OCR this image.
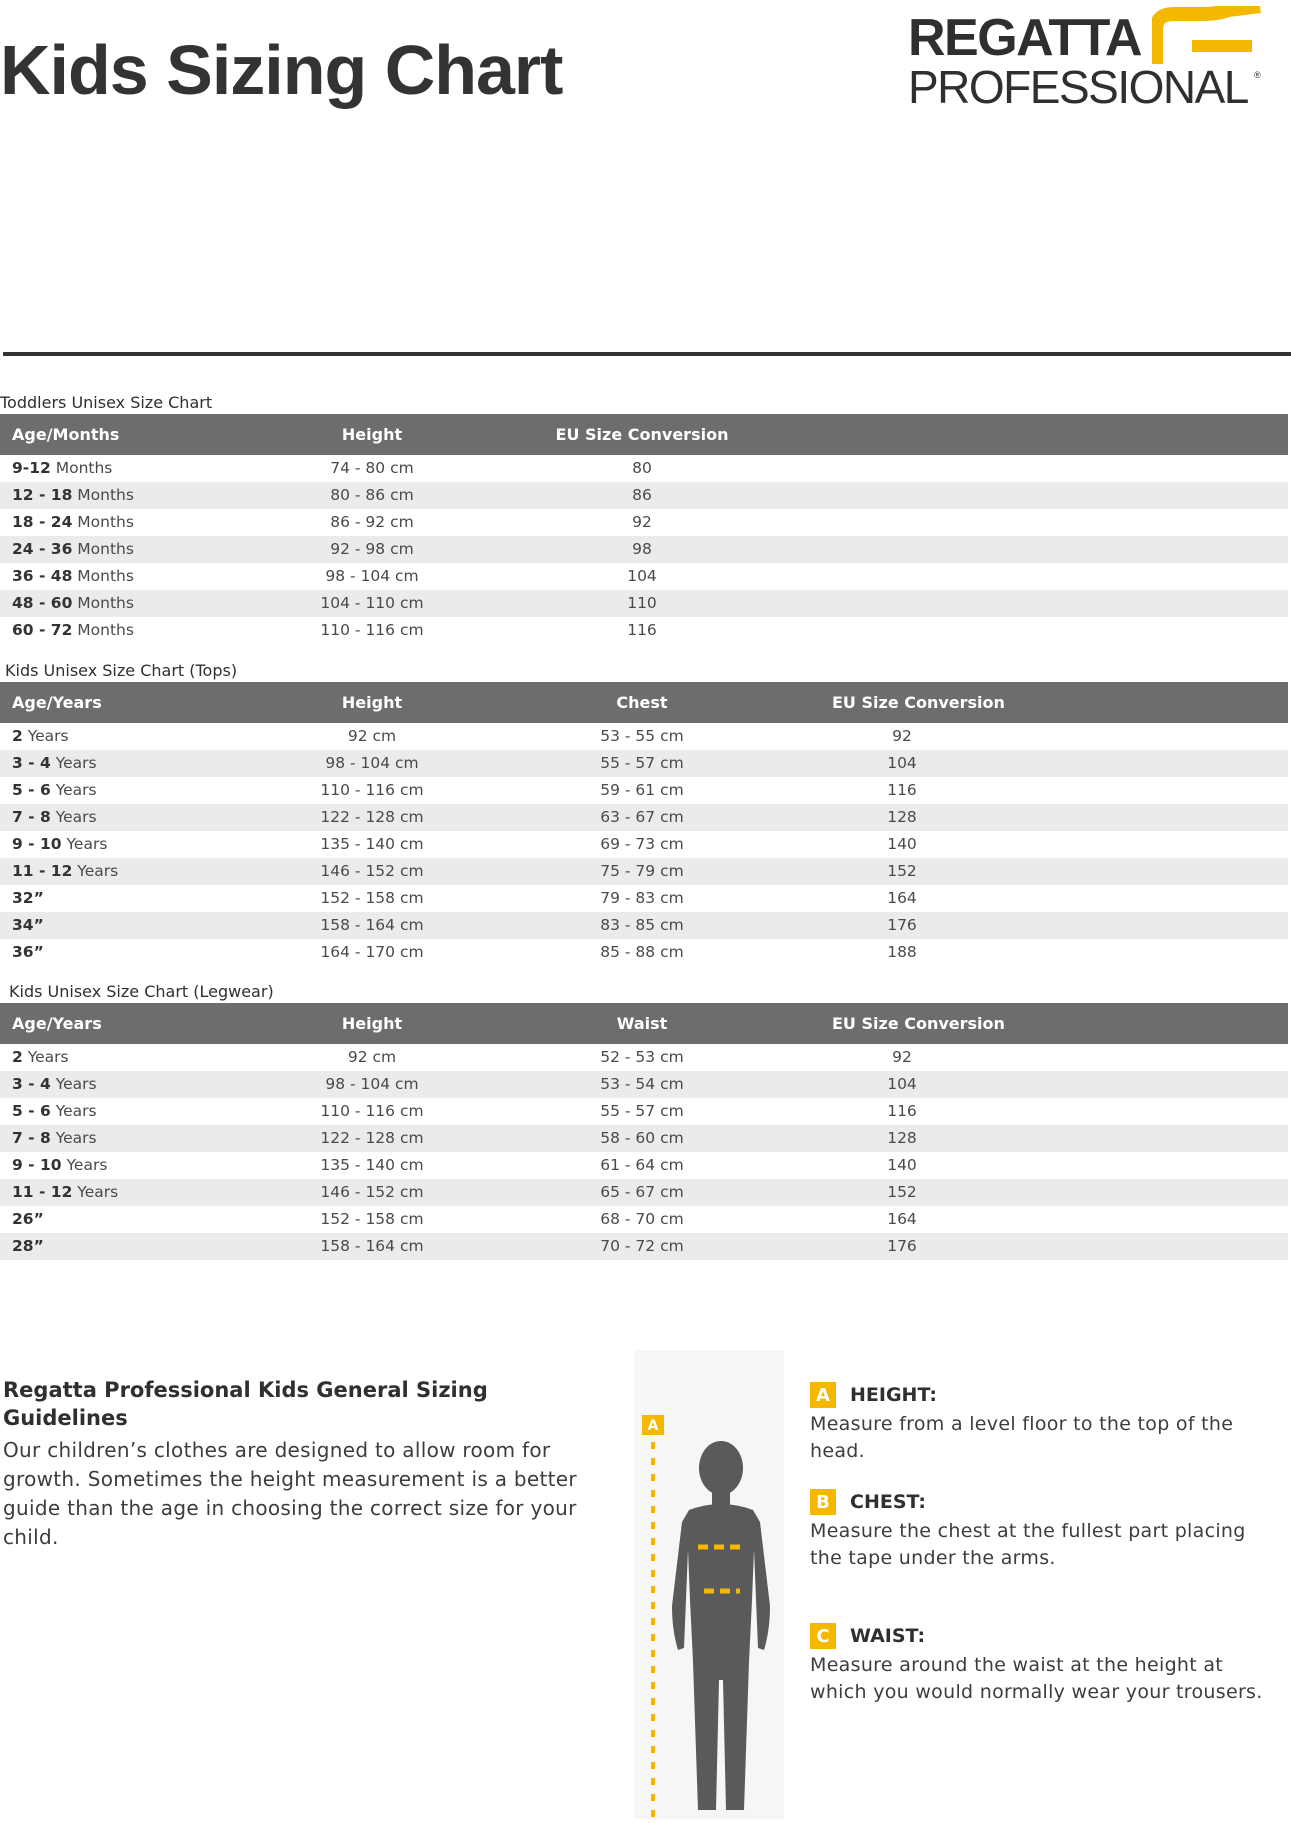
Kids Sizing Chart	REGATTA
PROFESSIONAL ®
Toddlers Unisex Size Chart
Age/Months	Height	EU Size Conversion	
9-12 Months	74 - 80 cm	80	
12 - 18 Months	80 - 86 cm	86	
18 - 24 Months	86 - 92 cm	92	
24 - 36 Months	92 - 98 cm	98	
36 - 48 Months	98 - 104 cm	104	
48 - 60 Months	104 - 110 cm	110	
60 - 72 Months	110 - 116 cm	116	
Kids Unisex Size Chart (Tops)
Age/Years	Height	Chest	EU Size Conversion	
2 Years	92 cm	53 - 55 cm	92	
3 - 4 Years	98 - 104 cm	55 - 57 cm	104	
5 - 6 Years	110 - 116 cm	59 - 61 cm	116	
7 - 8 Years	122 - 128 cm	63 - 67 cm	128	
9 - 10 Years	135 - 140 cm	69 - 73 cm	140	
11 - 12 Years	146 - 152 cm	75 - 79 cm	152	
32”	152 - 158 cm	79 - 83 cm	164	
34”	158 - 164 cm	83 - 85 cm	176	
36”	164 - 170 cm	85 - 88 cm	188	
Kids Unisex Size Chart (Legwear)
Age/Years	Height	Waist	EU Size Conversion	
2 Years	92 cm	52 - 53 cm	92	
3 - 4 Years	98 - 104 cm	53 - 54 cm	104	
5 - 6 Years	110 - 116 cm	55 - 57 cm	116	
7 - 8 Years	122 - 128 cm	58 - 60 cm	128	
9 - 10 Years	135 - 140 cm	61 - 64 cm	140	
11 - 12 Years	146 - 152 cm	65 - 67 cm	152	
26”	152 - 158 cm	68 - 70 cm	164	
28”	158 - 164 cm	70 - 72 cm	176	
Regatta Professional Kids General Sizing Guidelines

Our children’s clothes are designed to allow room for growth. Sometimes the height measurement is a better guide than the age in choosing the correct size for your child.

A
A	HEIGHT:

Measure from a level floor to the top of the head.

B	CHEST:

Measure the chest at the fullest part placing the tape under the arms.

C	WAIST:

Measure around the waist at the height at which you would normally wear your trousers.
